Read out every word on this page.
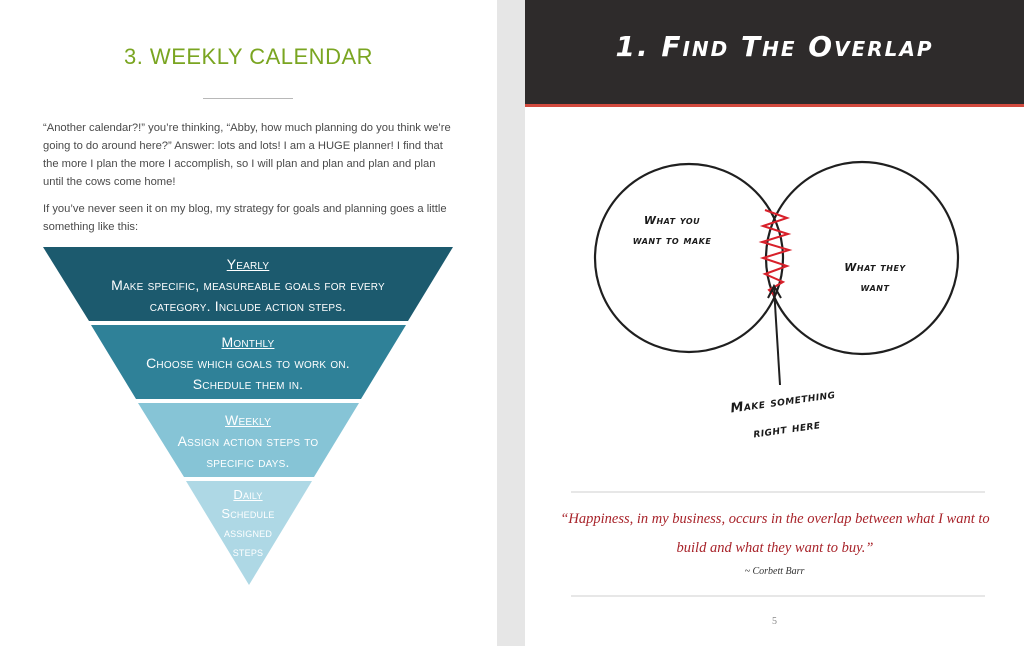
3. WEEKLY CALENDAR

“Another calendar?!” you’re thinking, “Abby, how much planning do you think we’re going to do around here?” Answer: lots and lots! I am a HUGE planner! I find that the more I plan the more I accomplish, so I will plan and plan and plan and plan until the cows come home!

If you’ve never seen it on my blog, my strategy for goals and planning goes a little something like this:

Yearly
Make specific, measureable goals for every
category. Include action steps.
Monthly
Choose which goals to work on.
Schedule them in.
Weekly
Assign action steps to
specific days.
Daily
Schedule
assigned
steps
1. Find The Overlap
What you
want to make
What they
want
Make something
right here

“Happiness, in my business, occurs in the overlap between what I want to build and what they want to buy.”

~ Corbett Barr
5
